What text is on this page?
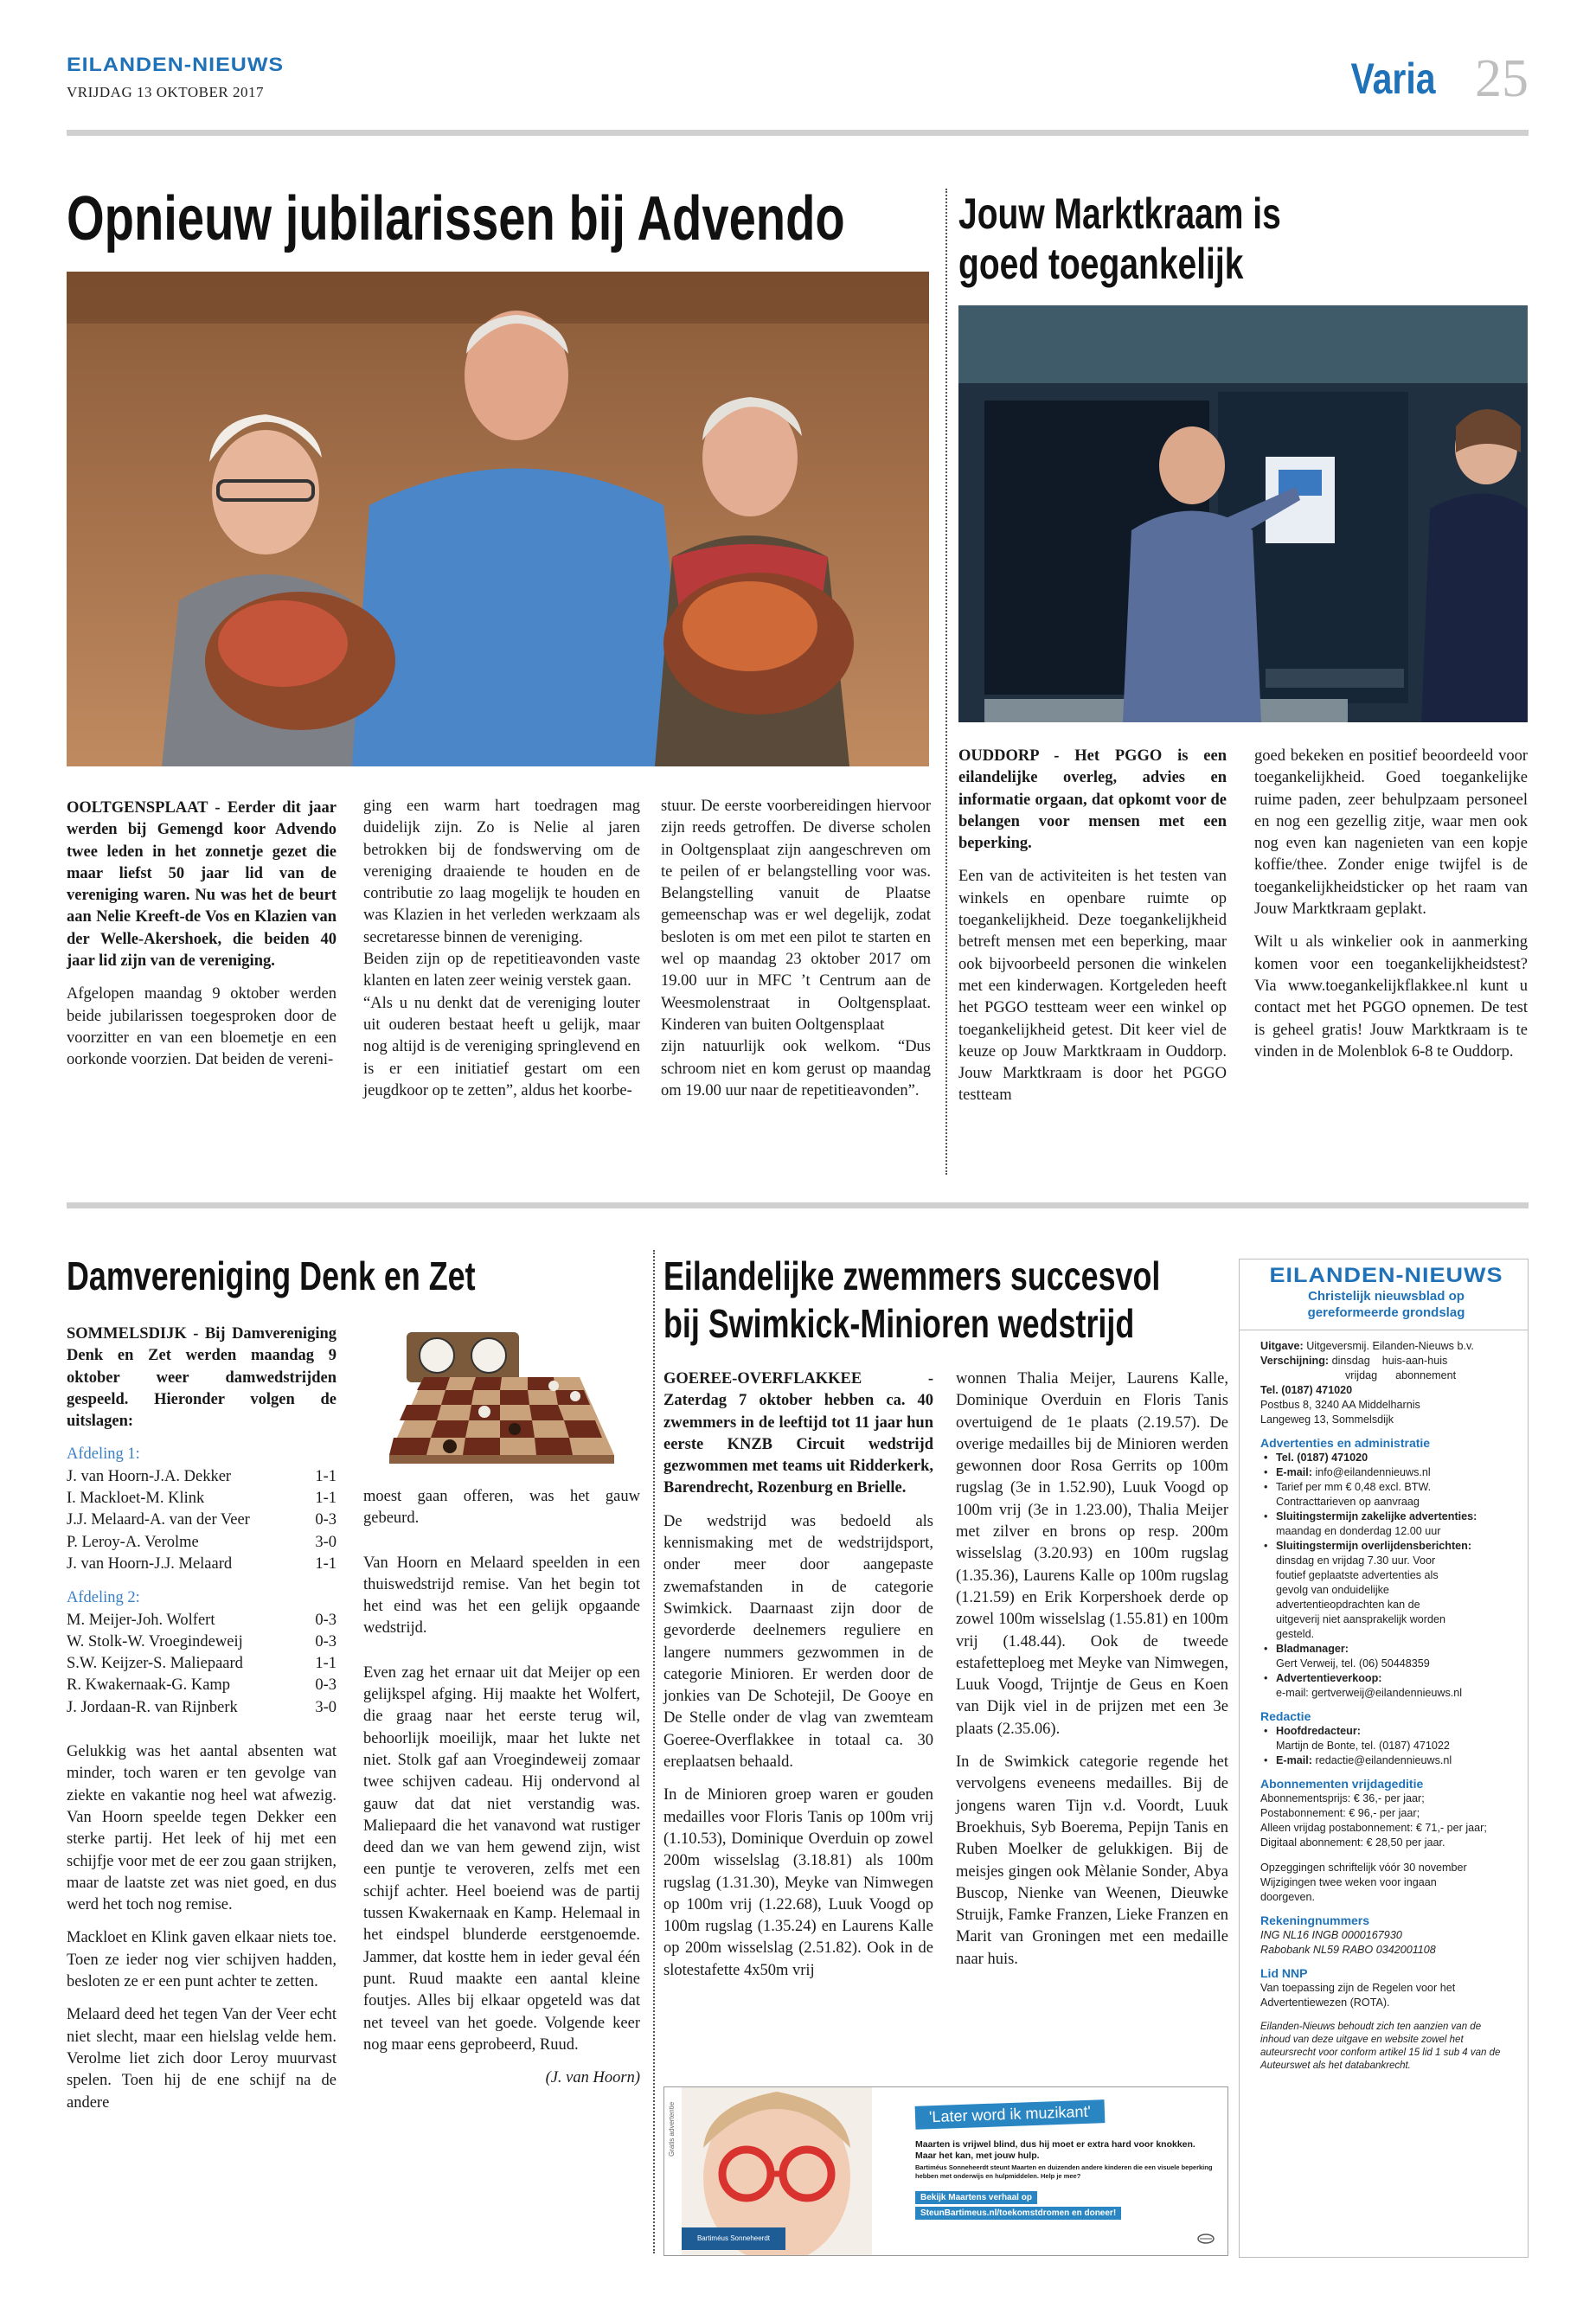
EILANDEN-NIEUWS
VRIJDAG 13 OKTOBER 2017	Varia 25
Opnieuw jubilarissen bij Advendo

OOLTGENSPLAAT - Eerder dit jaar werden bij Gemengd koor Advendo twee leden in het zonnetje gezet die maar liefst 50 jaar lid van de vereniging waren. Nu was het de beurt aan Nelie Kreeft-de Vos en Klazien van der Welle-Akershoek, die beiden 40 jaar lid zijn van de vereniging.

Afgelopen maandag 9 oktober werden beide jubilarissen toegesproken door de voorzitter en van een bloemetje en een oorkonde voorzien. Dat beiden de vereni-

ging een warm hart toedragen mag duidelijk zijn. Zo is Nelie al jaren betrokken bij de fondswerving om de vereniging draaiende te houden en de contributie zo laag mogelijk te houden en was Klazien in het verleden werkzaam als secretaresse binnen de vereniging.

Beiden zijn op de repetitieavonden vaste klanten en laten zeer weinig verstek gaan.

“Als u nu denkt dat de vereniging louter uit ouderen bestaat heeft u gelijk, maar nog altijd is de vereniging springlevend en is er een initiatief gestart om een jeugdkoor op te zetten”, aldus het koorbe-

stuur. De eerste voorbereidingen hiervoor zijn reeds getroffen. De diverse scholen in Ooltgensplaat zijn aangeschreven om te peilen of er belangstelling voor was. Belangstelling vanuit de Plaatse gemeenschap was er wel degelijk, zodat besloten is om met een pilot te starten en wel op maandag 23 oktober 2017 om 19.00 uur in MFC ’t Centrum aan de Weesmolenstraat in Ooltgensplaat. Kinderen van buiten Ooltgensplaat

zijn natuurlijk ook welkom. “Dus schroom niet en kom gerust op maandag om 19.00 uur naar de repetitieavonden”.

Jouw Marktkraam is
goed toegankelijk

OUDDORP - Het PGGO is een eilandelijke overleg, advies en informatie orgaan, dat opkomt voor de belangen voor mensen met een beperking.

Een van de activiteiten is het testen van winkels en openbare ruimte op toegankelijkheid. Deze toegankelijkheid betreft mensen met een beperking, maar ook bijvoorbeeld personen die winkelen met een kinderwagen. Kortgeleden heeft het PGGO testteam weer een winkel op toegankelijkheid getest. Dit keer viel de keuze op Jouw Marktkraam in Ouddorp. Jouw Marktkraam is door het PGGO testteam

goed bekeken en positief beoordeeld voor toegankelijkheid. Goed toegankelijke ruime paden, zeer behulpzaam personeel en nog een gezellig zitje, waar men ook nog even kan nagenieten van een kopje koffie/thee. Zonder enige twijfel is de toegankelijkheidsticker op het raam van Jouw Marktkraam geplakt.

Wilt u als winkelier ook in aanmerking komen voor een toegankelijkheidstest? Via www.toegankelijkflakkee.nl kunt u contact met het PGGO opnemen. De test is geheel gratis! Jouw Marktkraam is te vinden in de Molenblok 6-8 te Ouddorp.

Damvereniging Denk en Zet

SOMMELSDIJK - Bij Damvereniging Denk en Zet werden maandag 9 oktober weer damwedstrijden gespeeld. Hieronder volgen de uitslagen:

Afdeling 1:
J. van Hoorn-J.A. Dekker	1-1
I. Mackloet-M. Klink	1-1
J.J. Melaard-A. van der Veer	0-3
P. Leroy-A. Verolme	3-0
J. van Hoorn-J.J. Melaard	1-1
Afdeling 2:
M. Meijer-Joh. Wolfert	0-3
W. Stolk-W. Vroegindeweij	0-3
S.W. Keijzer-S. Maliepaard	1-1
R. Kwakernaak-G. Kamp	0-3
J. Jordaan-R. van Rijnberk	3-0

Gelukkig was het aantal absenten wat minder, toch waren er ten gevolge van ziekte en vakantie nog heel wat afwezig. Van Hoorn speelde tegen Dekker een sterke partij. Het leek of hij met een schijfje voor met de eer zou gaan strijken, maar de laatste zet was niet goed, en dus werd het toch nog remise.

Mackloet en Klink gaven elkaar niets toe. Toen ze ieder nog vier schijven hadden, besloten ze er een punt achter te zetten.

Melaard deed het tegen Van der Veer echt niet slecht, maar een hielslag velde hem. Verolme liet zich door Leroy muurvast spelen. Toen hij de ene schijf na de andere

moest gaan offeren, was het gauw gebeurd.

Van Hoorn en Melaard speelden in een thuiswedstrijd remise. Van het begin tot het eind was het een gelijk opgaande wedstrijd.

Even zag het ernaar uit dat Meijer op een gelijkspel afging. Hij maakte het Wolfert, die graag naar het eerste terug wil, behoorlijk moeilijk, maar het lukte net niet. Stolk gaf aan Vroegindeweij zomaar twee schijven cadeau. Hij ondervond al gauw dat dat niet verstandig was. Maliepaard die het vanavond wat rustiger deed dan we van hem gewend zijn, wist een puntje te veroveren, zelfs met een schijf achter. Heel boeiend was de partij tussen Kwakernaak en Kamp. Helemaal in het eindspel blunderde eerstgenoemde. Jammer, dat kostte hem in ieder geval één punt. Ruud maakte een aantal kleine foutjes. Alles bij elkaar opgeteld was dat net teveel van het goede. Volgende keer nog maar eens geprobeerd, Ruud.

(J. van Hoorn)
Eilandelijke zwemmers succesvol
bij Swimkick-Minioren wedstrijd

GOEREE-OVERFLAKKEE - Zaterdag 7 oktober hebben ca. 40 zwemmers in de leeftijd tot 11 jaar hun eerste KNZB Circuit wedstrijd gezwommen met teams uit Ridderkerk, Barendrecht, Rozenburg en Brielle.

De wedstrijd was bedoeld als kennismaking met de wedstrijdsport, onder meer door aangepaste zwemafstanden in de categorie Swimkick. Daarnaast zijn door de gevorderde deelnemers reguliere en langere nummers gezwommen in de categorie Minioren. Er werden door de jonkies van De Schotejil, De Gooye en De Stelle onder de vlag van zwemteam Goeree-Overflakkee in totaal ca. 30 ereplaatsen behaald.

In de Minioren groep waren er gouden medailles voor Floris Tanis op 100m vrij (1.10.53), Dominique Overduin op zowel 200m wisselslag (3.18.81) als 100m rugslag (1.31.30), Meyke van Nimwegen op 100m vrij (1.22.68), Luuk Voogd op 100m rugslag (1.35.24) en Laurens Kalle op 200m wisselslag (2.51.82). Ook in de slotestafette 4x50m vrij

wonnen Thalia Meijer, Laurens Kalle, Dominique Overduin en Floris Tanis overtuigend de 1e plaats (2.19.57). De overige medailles bij de Minioren werden gewonnen door Rosa Gerrits op 100m rugslag (3e in 1.52.90), Luuk Voogd op 100m vrij (3e in 1.23.00), Thalia Meijer met zilver en brons op resp. 200m wisselslag (3.20.93) en 100m rugslag (1.35.36), Laurens Kalle op 100m rugslag (1.21.59) en Erik Korpershoek derde op zowel 100m wisselslag (1.55.81) en 100m vrij (1.48.44). Ook de tweede estafetteploeg met Meyke van Nimwegen, Luuk Voogd, Trijntje de Geus en Koen van Dijk viel in de prijzen met een 3e plaats (2.35.06).

In de Swimkick categorie regende het vervolgens eveneens medailles. Bij de jongens waren Tijn v.d. Voordt, Luuk Broekhuis, Syb Boerema, Pepijn Tanis en Ruben Moelker de gelukkigen. Bij de meisjes gingen ook Mèlanie Sonder, Abya Buscop, Nienke van Weenen, Dieuwke Struijk, Famke Franzen, Lieke Franzen en Marit van Groningen met een medaille naar huis.

Gratis advertentie	'Later word ik muzikant'
Maarten is vrijwel blind, dus hij moet er extra hard voor knokken. Maar het kan, met jouw hulp.
Bartiméus Sonneheerdt steunt Maarten en duizenden andere kinderen die een visuele beperking hebben met onderwijs en hulpmiddelen. Help je mee?
Bekijk Maartens verhaal op
SteunBartimeus.nl/toekomstdromen en doneer!
Bartiméus Sonneheerdt
EILANDEN-NIEUWS
Christelijk nieuwsblad op
gereformeerde grondslag
Uitgave: Uitgeversmij. Eilanden-Nieuws b.v.
Verschijning: dinsdag    huis-aan-huis
vrijdag      abonnement
Tel. (0187) 471020
Postbus 8, 3240 AA Middelharnis
Langeweg 13, Sommelsdijk
Advertenties en administratie
• Tel. (0187) 471020
• E-mail: info@eilandennieuws.nl
• Tarief per mm € 0,48 excl. BTW.
Contracttarieven op aanvraag
• Sluitingstermijn zakelijke advertenties:
maandag en donderdag 12.00 uur
• Sluitingstermijn overlijdensberichten:
dinsdag en vrijdag 7.30 uur. Voor
foutief geplaatste advertenties als
gevolg van onduidelijke
advertentieopdrachten kan de
uitgeverij niet aansprakelijk worden
gesteld.
• Bladmanager:
Gert Verweij, tel. (06) 50448359
• Advertentieverkoop:
e-mail: gertverweij@eilandennieuws.nl
Redactie
• Hoofdredacteur:
Martijn de Bonte, tel. (0187) 471022
• E-mail: redactie@eilandennieuws.nl
Abonnementen vrijdageditie
Abonnementsprijs: € 36,- per jaar;
Postabonnement: € 96,- per jaar;
Alleen vrijdag postabonnement: € 71,- per jaar;
Digitaal abonnement: € 28,50 per jaar.
Opzeggingen schriftelijk vóór 30 november
Wijzigingen twee weken voor ingaan
doorgeven.
Rekeningnummers
ING NL16 INGB 0000167930
Rabobank NL59 RABO 0342001108
Lid NNP
Van toepassing zijn de Regelen voor het
Advertentiewezen (ROTA).
Eilanden-Nieuws behoudt zich ten aanzien van de inhoud van deze uitgave en website zowel het auteursrecht voor conform artikel 15 lid 1 sub 4 van de Auteurswet als het databankrecht.
